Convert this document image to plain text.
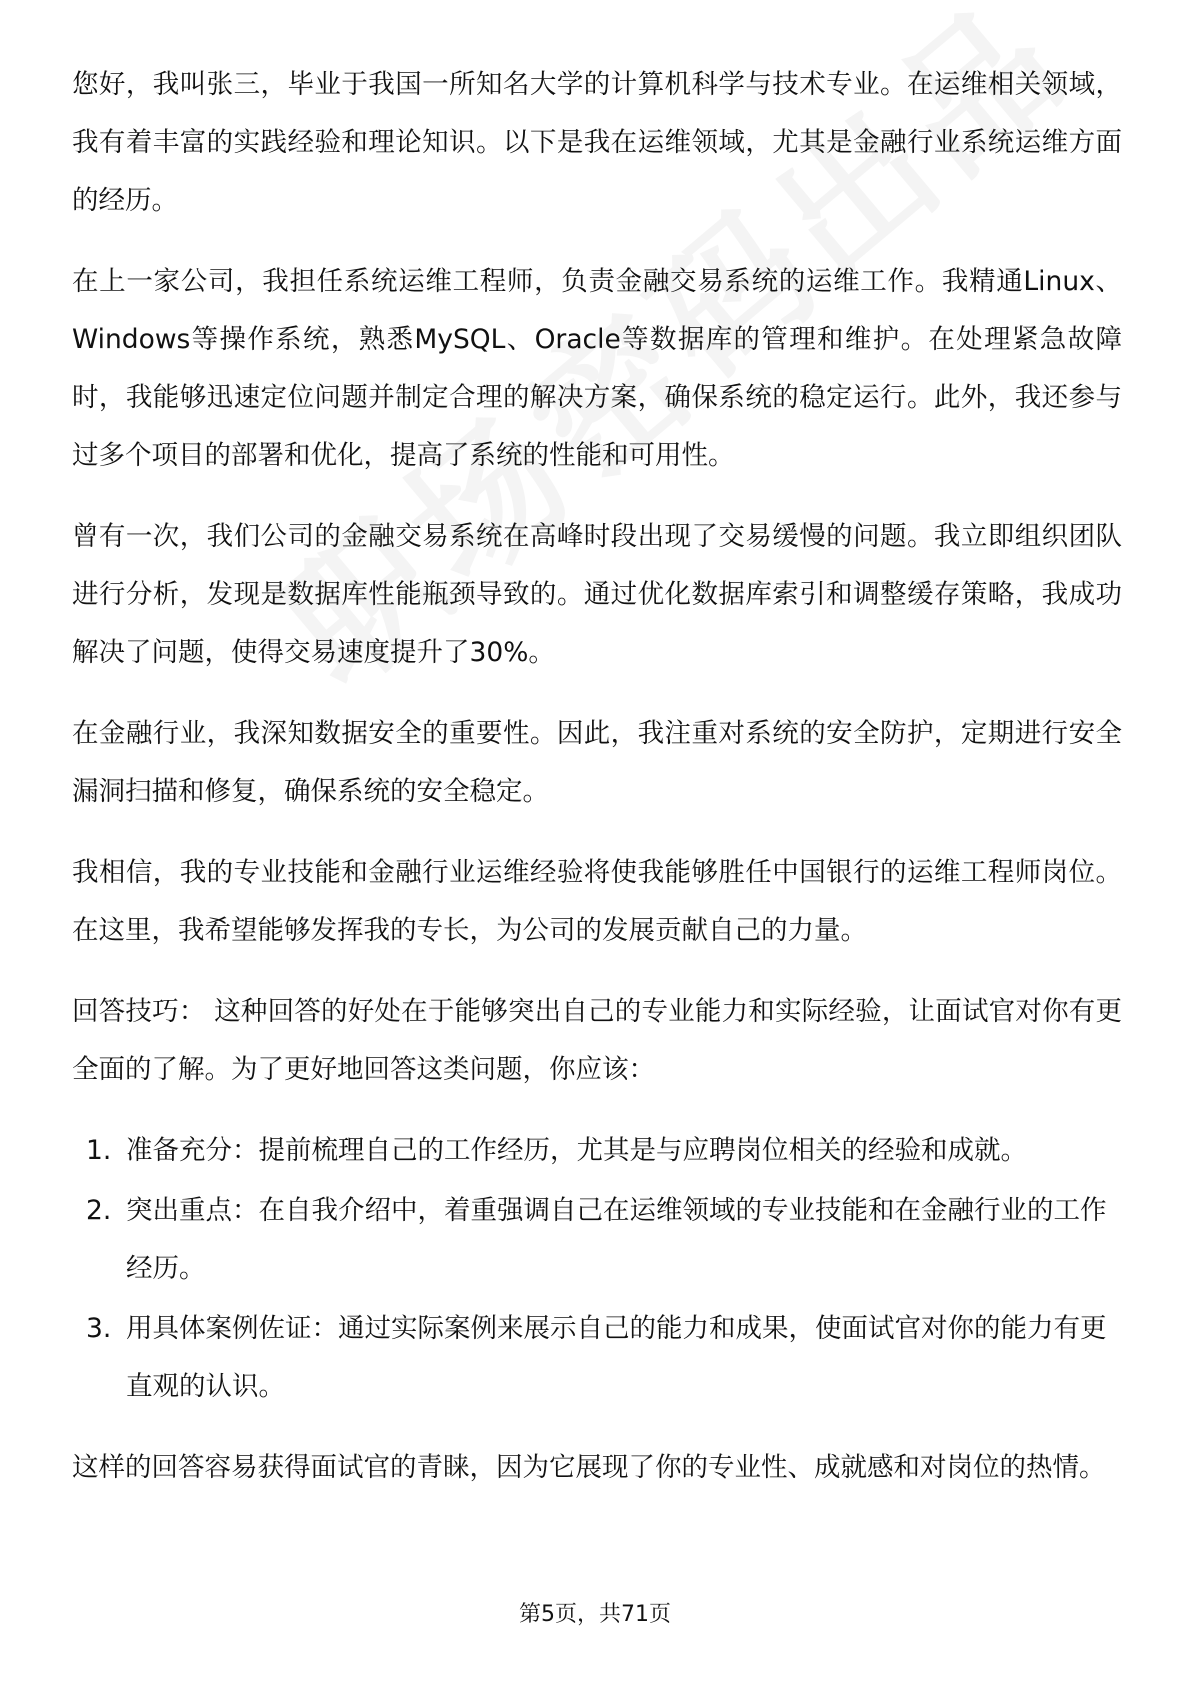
您好，我叫张三，毕业于我国一所知名大学的计算机科学与技术专业。在运维相关领域，我有着丰富的实践经验和理论知识。以下是我在运维领域，尤其是金融行业系统运维方面的经历。

在上一家公司，我担任系统运维工程师，负责金融交易系统的运维工作。我精通Linux、Windows等操作系统，熟悉MySQL、Oracle等数据库的管理和维护。在处理紧急故障时，我能够迅速定位问题并制定合理的解决方案，确保系统的稳定运行。此外，我还参与过多个项目的部署和优化，提高了系统的性能和可用性。

曾有一次，我们公司的金融交易系统在高峰时段出现了交易缓慢的问题。我立即组织团队进行分析，发现是数据库性能瓶颈导致的。通过优化数据库索引和调整缓存策略，我成功解决了问题，使得交易速度提升了30%。

在金融行业，我深知数据安全的重要性。因此，我注重对系统的安全防护，定期进行安全漏洞扫描和修复，确保系统的安全稳定。

我相信，我的专业技能和金融行业运维经验将使我能够胜任中国银行的运维工程师岗位。在这里，我希望能够发挥我的专长，为公司的发展贡献自己的力量。

回答技巧： 这种回答的好处在于能够突出自己的专业能力和实际经验，让面试官对你有更全面的了解。为了更好地回答这类问题，你应该：

1. 准备充分：提前梳理自己的工作经历，尤其是与应聘岗位相关的经验和成就。
2. 突出重点：在自我介绍中，着重强调自己在运维领域的专业技能和在金融行业的工作经历。
3. 用具体案例佐证：通过实际案例来展示自己的能力和成果，使面试官对你的能力有更直观的认识。

这样的回答容易获得面试官的青睐，因为它展现了你的专业性、成就感和对岗位的热情。

第5页，共71页
